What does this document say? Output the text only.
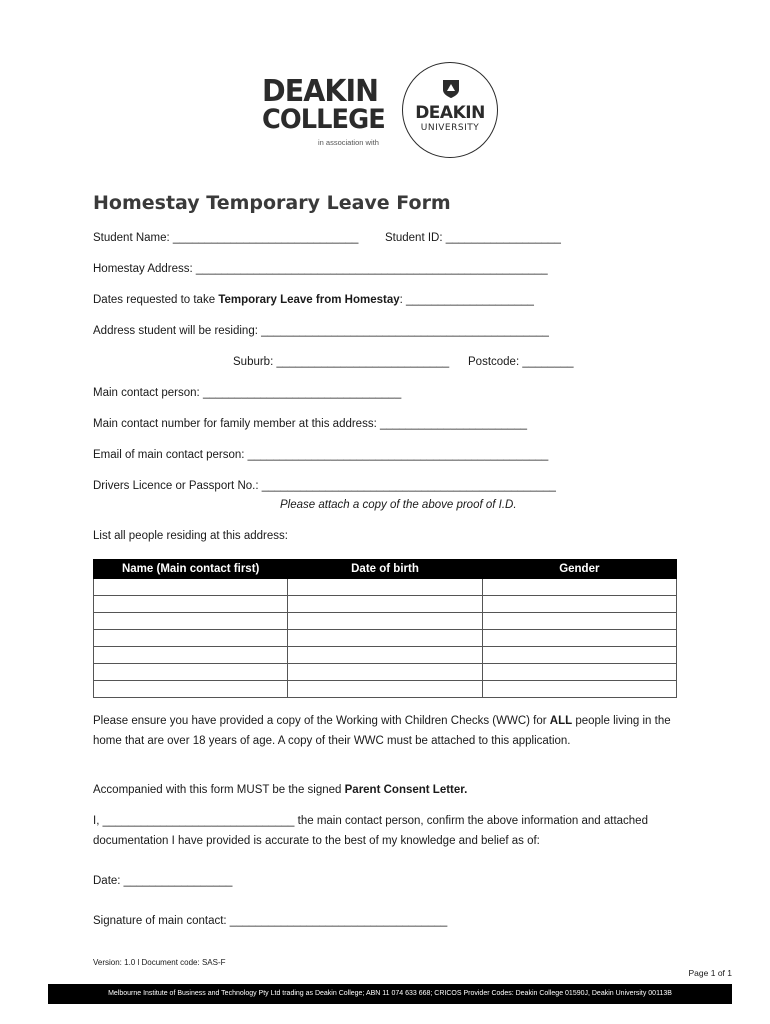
DEAKIN
COLLEGE
in association with
DEAKIN
UNIVERSITY
Homestay Temporary Leave Form
Student Name: _____________________________ Student ID: __________________
Homestay Address: _______________________________________________________
Dates requested to take Temporary Leave from Homestay: ____________________
Address student will be residing: _____________________________________________
Suburb: ___________________________ Postcode: ________
Main contact person: _______________________________
Main contact number for family member at this address: _______________________
Email of main contact person: _______________________________________________
Drivers Licence or Passport No.: ______________________________________________
Please attach a copy of the above proof of I.D.
List all people residing at this address:
Name (Main contact first)	Date of birth	Gender

Please ensure you have provided a copy of the Working with Children Checks (WWC) for ALL people living in the home that are over 18 years of age. A copy of their WWC must be attached to this application.
Accompanied with this form MUST be the signed Parent Consent Letter.
I, ______________________________ the main contact person, confirm the above information and attached documentation I have provided is accurate to the best of my knowledge and belief as of:
Date: _________________
Signature of main contact: __________________________________
Version: 1.0 l Document code: SAS-F
Page 1 of 1
Melbourne Institute of Business and Technology Pty Ltd trading as Deakin College; ABN 11 074 633 668; CRICOS Provider Codes: Deakin College 01590J, Deakin University 00113B
